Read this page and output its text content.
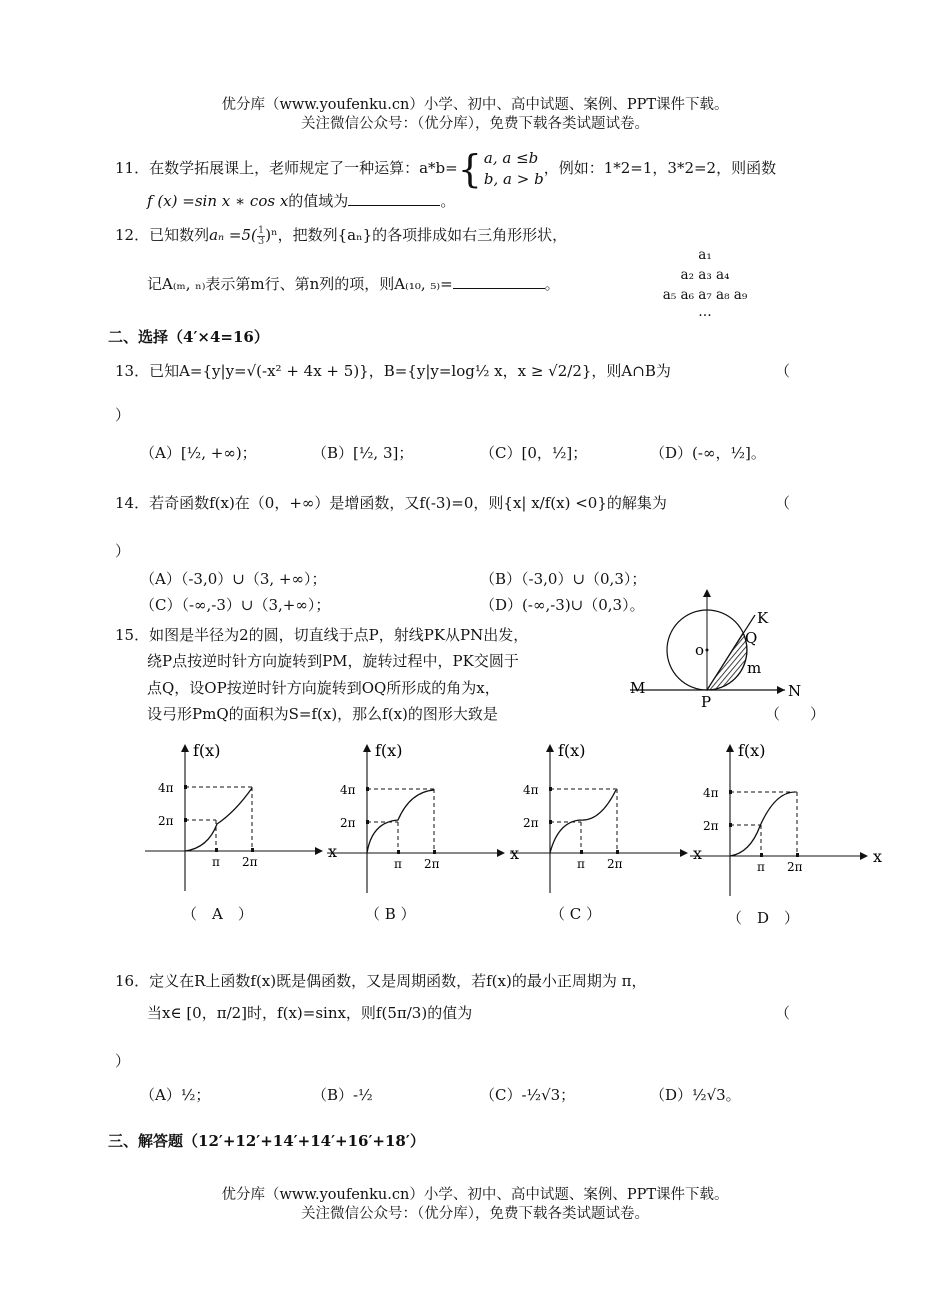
优分库（www.youfenku.cn）小学、初中、高中试题、案例、PPT课件下载。
关注微信公众号：（优分库），免费下载各类试题试卷。
11．在数学拓展课上，老师规定了一种运算：a*b={ a, a ≤b
b, a > b
，例如：1*2=1，3*2=2，则函数
f (x) =sin x ∗ cos x的值域为	。
12．已知数列$a_n =5( \frac{1}{3} )^n$，把数列{aₙ}的各项排成如右三角形形状，
记A₍ₘ, ₙ₎表示第m行、第n列的项，则A₍₁₀, ₅₎=	。
a₁
a₂ a₃ a₄
a₅ a₆ a₇ a₈ a₉
…
二、选择（4′×4=16）
13．已知A={y|y=√(-x² + 4x + 5)}，B={y|y=log½ x，x ≥ √2/2}，则A∩B为	（
）
（A）[½, +∞)；	（B）[½, 3]；	（C）[0，½]；	（D）(-∞，½]。
14．若奇函数f(x)在（0，+∞）是增函数，又f(-3)=0，则{x| x/f(x) <0}的解集为	（
）
（A）（-3,0）∪（3, +∞）；	（B）（-3,0）∪（0,3）；
（C）（-∞,-3）∪（3,+∞）；	（D）(-∞,-3)∪（0,3）。
15．如图是半径为2的圆，切直线于点P，射线PK从PN出发，
绕P点按逆时针方向旋转到PM，旋转过程中，PK交圆于
点Q，设OP按逆时针方向旋转到OQ所形成的角为x，
设弓形PmQ的面积为S=f(x)，那么f(x)的图形大致是	（　　）
K
Q
o
m
M	N
P
f(x)
x
4π
2π
π 2π
f(x)
x
4π
2π
π 2π
f(x)
x
4π
2π
π 2π
f(x)
x
4π
2π
π 2π
（　A　）	（ B ）	（ C ）	（　D　）
16．定义在R上函数f(x)既是偶函数，又是周期函数，若f(x)的最小正周期为 π，
当x∈ [0，π/2]时，f(x)=sinx，则f(5π/3)的值为	（
）
（A）½；	（B）-½	（C）-½√3；	（D）½√3。
三、解答题（12′+12′+14′+14′+16′+18′）
优分库（www.youfenku.cn）小学、初中、高中试题、案例、PPT课件下载。
关注微信公众号：（优分库），免费下载各类试题试卷。
